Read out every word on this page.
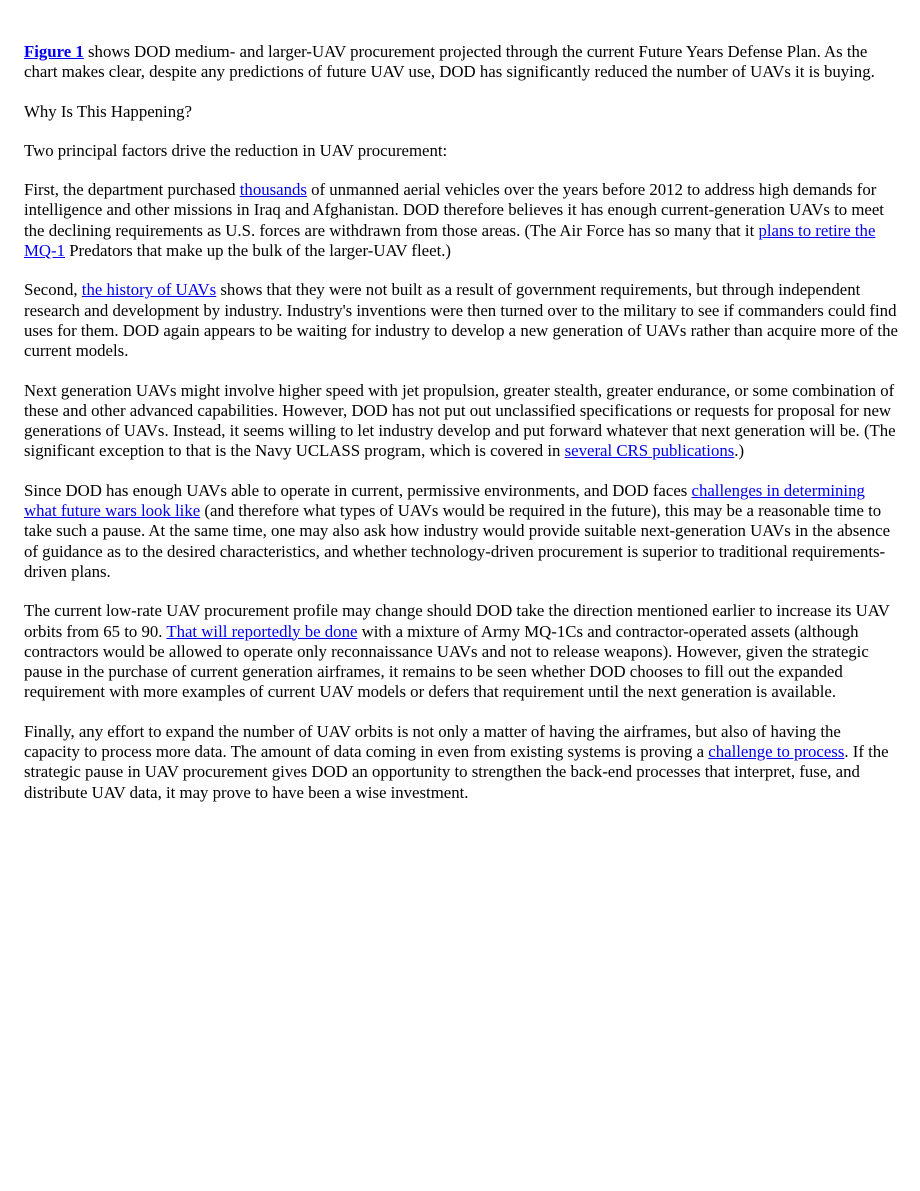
Figure 1 shows DOD medium- and larger-UAV procurement projected through the current Future Years Defense Plan. As the chart makes clear, despite any predictions of future UAV use, DOD has significantly reduced the number of UAVs it is buying.

Why Is This Happening?

Two principal factors drive the reduction in UAV procurement:

First, the department purchased thousands of unmanned aerial vehicles over the years before 2012 to address high demands for intelligence and other missions in Iraq and Afghanistan. DOD therefore believes it has enough current-generation UAVs to meet the declining requirements as U.S. forces are withdrawn from those areas. (The Air Force has so many that it plans to retire the MQ-1 Predators that make up the bulk of the larger-UAV fleet.)

Second, the history of UAVs shows that they were not built as a result of government requirements, but through independent research and development by industry. Industry's inventions were then turned over to the military to see if commanders could find uses for them. DOD again appears to be waiting for industry to develop a new generation of UAVs rather than acquire more of the current models.

Next generation UAVs might involve higher speed with jet propulsion, greater stealth, greater endurance, or some combination of these and other advanced capabilities. However, DOD has not put out unclassified specifications or requests for proposal for new generations of UAVs. Instead, it seems willing to let industry develop and put forward whatever that next generation will be. (The significant exception to that is the Navy UCLASS program, which is covered in several CRS publications.)

Since DOD has enough UAVs able to operate in current, permissive environments, and DOD faces challenges in determining what future wars look like (and therefore what types of UAVs would be required in the future), this may be a reasonable time to take such a pause. At the same time, one may also ask how industry would provide suitable next-generation UAVs in the absence of guidance as to the desired characteristics, and whether technology-driven procurement is superior to traditional requirements-driven plans.

The current low-rate UAV procurement profile may change should DOD take the direction mentioned earlier to increase its UAV orbits from 65 to 90. That will reportedly be done with a mixture of Army MQ-1Cs and contractor-operated assets (although contractors would be allowed to operate only reconnaissance UAVs and not to release weapons). However, given the strategic pause in the purchase of current generation airframes, it remains to be seen whether DOD chooses to fill out the expanded requirement with more examples of current UAV models or defers that requirement until the next generation is available.

Finally, any effort to expand the number of UAV orbits is not only a matter of having the airframes, but also of having the capacity to process more data. The amount of data coming in even from existing systems is proving a challenge to process. If the strategic pause in UAV procurement gives DOD an opportunity to strengthen the back-end processes that interpret, fuse, and distribute UAV data, it may prove to have been a wise investment.
